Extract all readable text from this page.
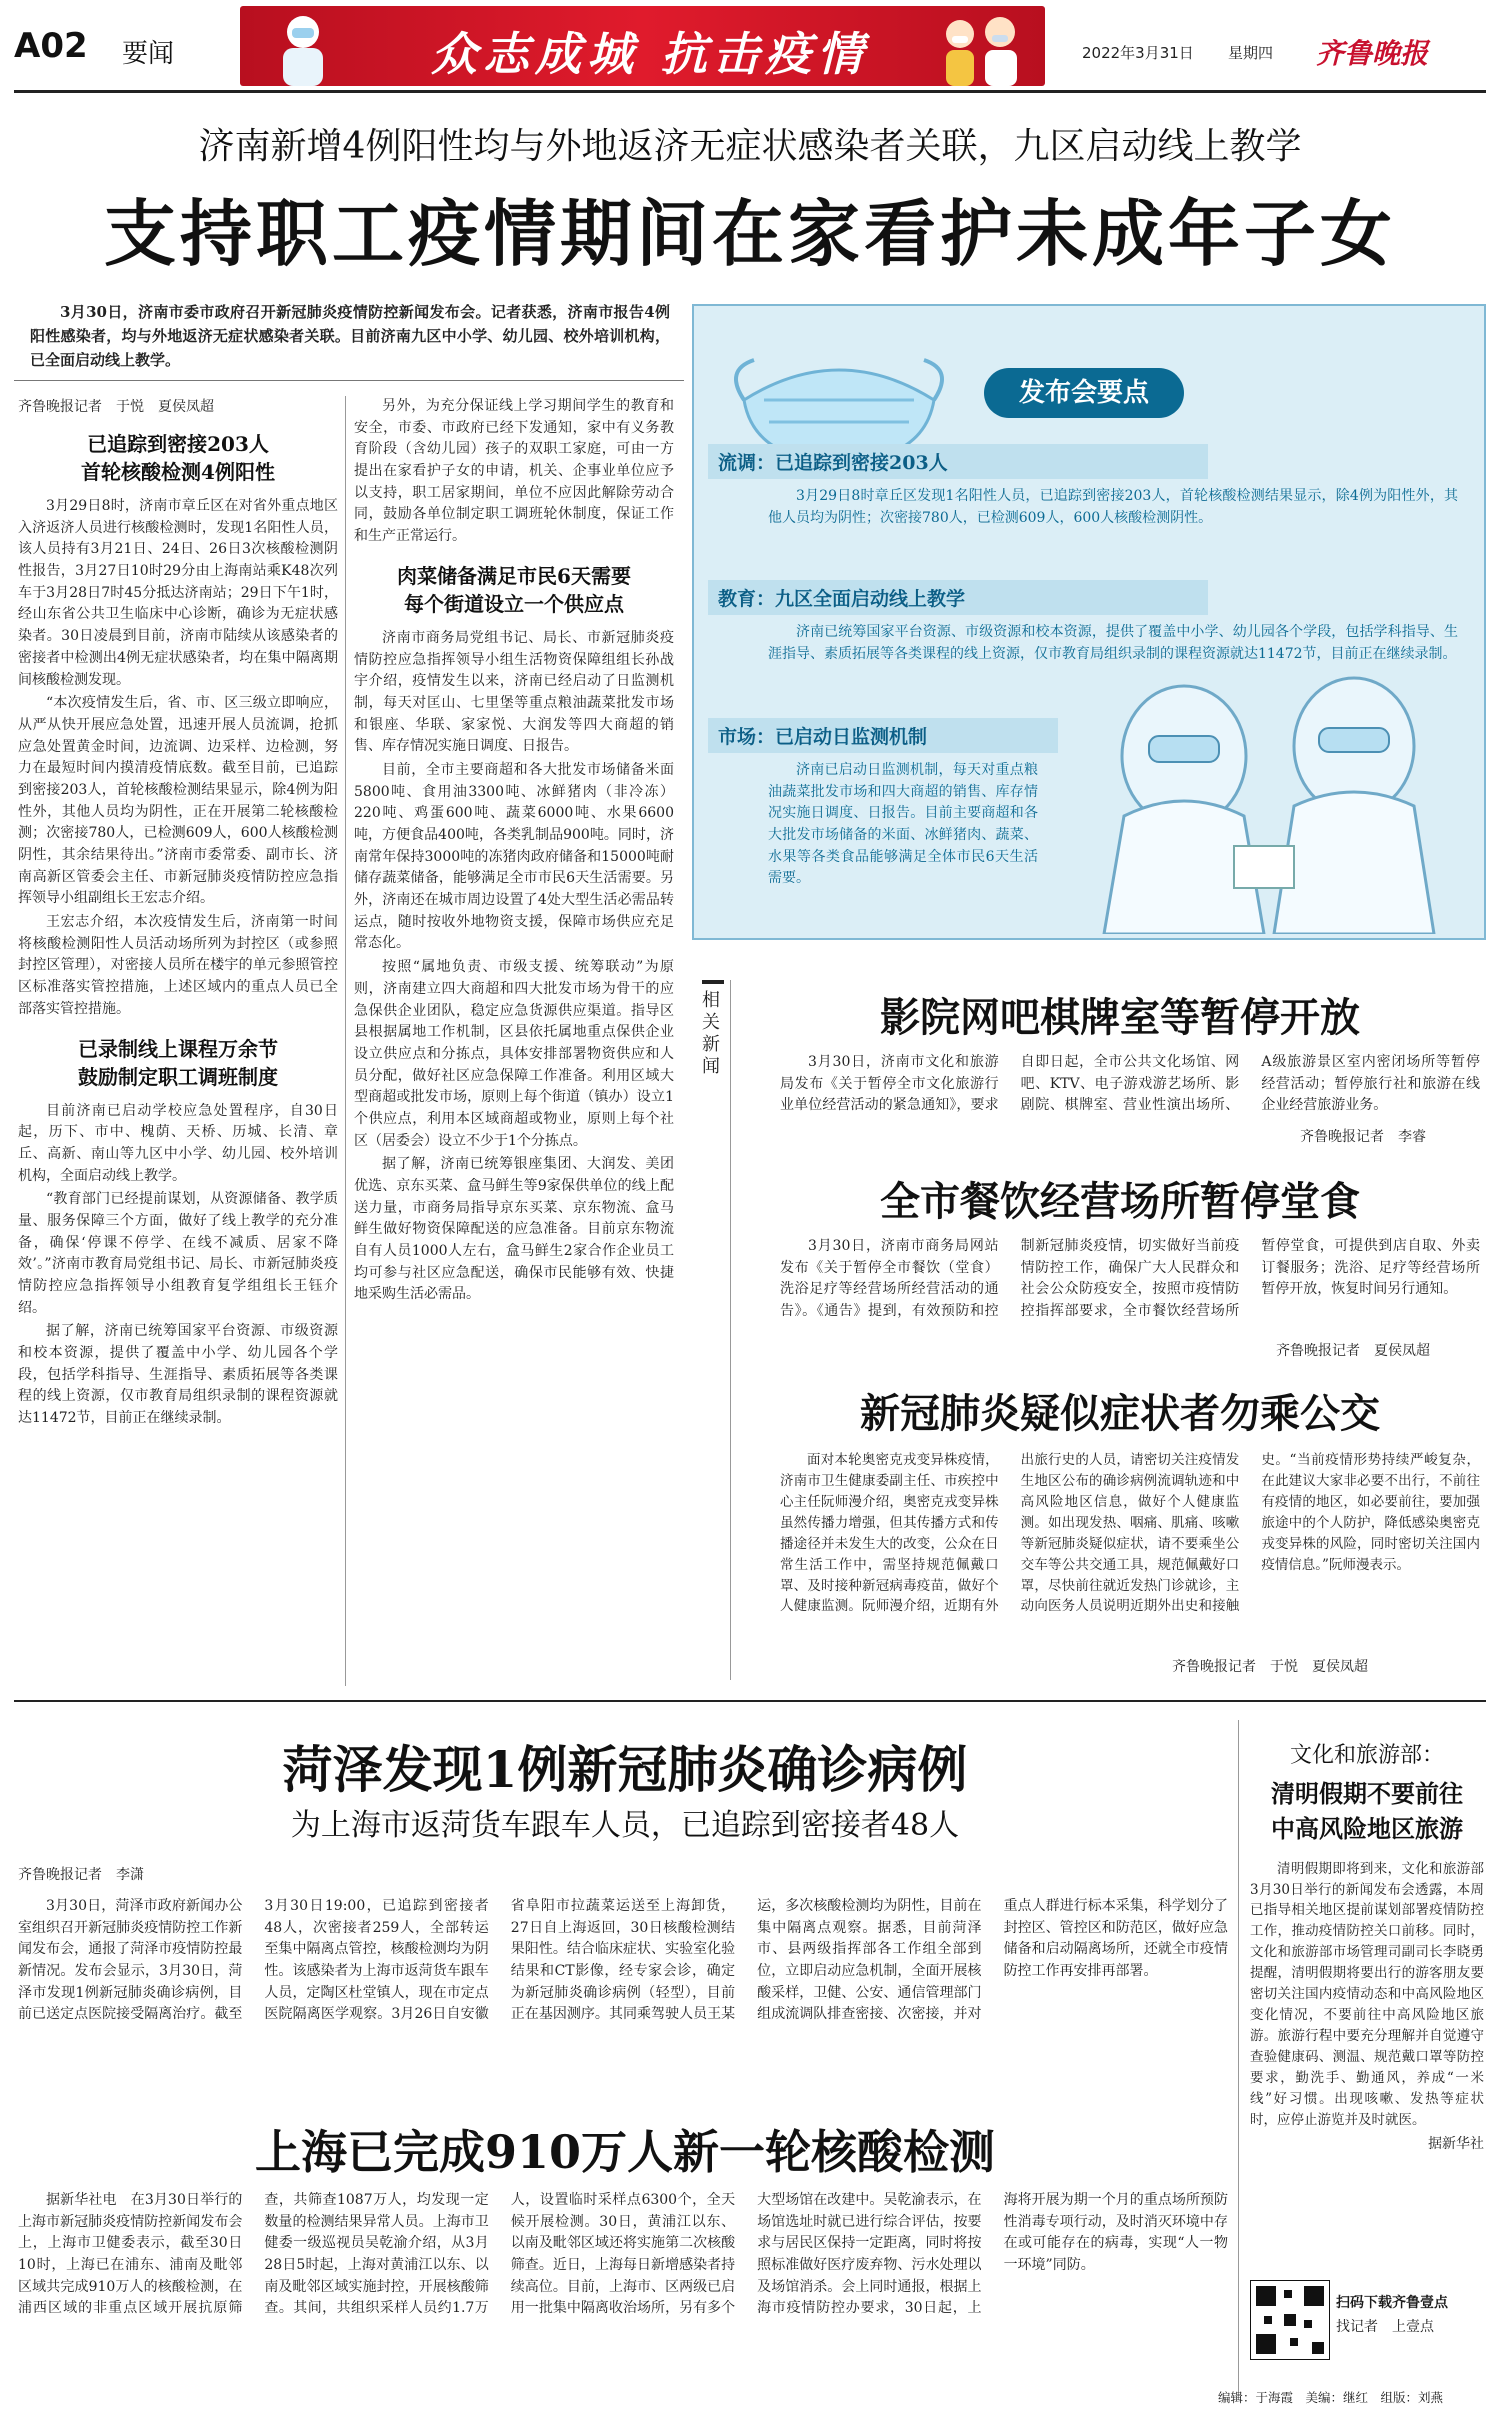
A02 要闻	众志成城 抗击疫情	2022年3月31日 星期四 齐鲁晚报
济南新增4例阳性均与外地返济无症状感染者关联，九区启动线上教学
支持职工疫情期间在家看护未成年子女
3月30日，济南市委市政府召开新冠肺炎疫情防控新闻发布会。记者获悉，济南市报告4例阳性感染者，均与外地返济无症状感染者关联。目前济南九区中小学、幼儿园、校外培训机构，已全面启动线上教学。
齐鲁晚报记者　于悦　夏侯凤超
已追踪到密接203人
首轮核酸检测4例阳性

3月29日8时，济南市章丘区在对省外重点地区入济返济人员进行核酸检测时，发现1名阳性人员，该人员持有3月21日、24日、26日3次核酸检测阴性报告，3月27日10时29分由上海南站乘K48次列车于3月28日7时45分抵达济南站；29日下午1时，经山东省公共卫生临床中心诊断，确诊为无症状感染者。30日凌晨到目前，济南市陆续从该感染者的密接者中检测出4例无症状感染者，均在集中隔离期间核酸检测发现。

“本次疫情发生后，省、市、区三级立即响应，从严从快开展应急处置，迅速开展人员流调，抢抓应急处置黄金时间，边流调、边采样、边检测，努力在最短时间内摸清疫情底数。截至目前，已追踪到密接203人，首轮核酸检测结果显示，除4例为阳性外，其他人员均为阴性，正在开展第二轮核酸检测；次密接780人，已检测609人，600人核酸检测阴性，其余结果待出。”济南市委常委、副市长、济南高新区管委会主任、市新冠肺炎疫情防控应急指挥领导小组副组长王宏志介绍。

王宏志介绍，本次疫情发生后，济南第一时间将核酸检测阳性人员活动场所列为封控区（或参照封控区管理），对密接人员所在楼宇的单元参照管控区标准落实管控措施，上述区域内的重点人员已全部落实管控措施。

已录制线上课程万余节
鼓励制定职工调班制度

目前济南已启动学校应急处置程序，自30日起，历下、市中、槐荫、天桥、历城、长清、章丘、高新、南山等九区中小学、幼儿园、校外培训机构，全面启动线上教学。

“教育部门已经提前谋划，从资源储备、教学质量、服务保障三个方面，做好了线上教学的充分准备，确保‘停课不停学、在线不减质、居家不降效’。”济南市教育局党组书记、局长、市新冠肺炎疫情防控应急指挥领导小组教育复学组组长王钰介绍。

据了解，济南已统筹国家平台资源、市级资源和校本资源，提供了覆盖中小学、幼儿园各个学段，包括学科指导、生涯指导、素质拓展等各类课程的线上资源，仅市教育局组织录制的课程资源就达11472节，目前正在继续录制。

另外，为充分保证线上学习期间学生的教育和安全，市委、市政府已经下发通知，家中有义务教育阶段（含幼儿园）孩子的双职工家庭，可由一方提出在家看护子女的申请，机关、企事业单位应予以支持，职工居家期间，单位不应因此解除劳动合同，鼓励各单位制定职工调班轮休制度，保证工作和生产正常运行。

肉菜储备满足市民6天需要
每个街道设立一个供应点

济南市商务局党组书记、局长、市新冠肺炎疫情防控应急指挥领导小组生活物资保障组组长孙战宇介绍，疫情发生以来，济南已经启动了日监测机制，每天对匡山、七里堡等重点粮油蔬菜批发市场和银座、华联、家家悦、大润发等四大商超的销售、库存情况实施日调度、日报告。

目前，全市主要商超和各大批发市场储备米面5800吨、食用油3300吨、冰鲜猪肉（非冷冻）220吨、鸡蛋600吨、蔬菜6000吨、水果6600吨，方便食品400吨，各类乳制品900吨。同时，济南常年保持3000吨的冻猪肉政府储备和15000吨耐储存蔬菜储备，能够满足全市市民6天生活需要。另外，济南还在城市周边设置了4处大型生活必需品转运点，随时按收外地物资支援，保障市场供应充足常态化。

按照“属地负责、市级支援、统筹联动”为原则，济南建立四大商超和四大批发市场为骨干的应急保供企业团队，稳定应急货源供应渠道。指导区县根据属地工作机制，区县依托属地重点保供企业设立供应点和分拣点，具体安排部署物资供应和人员分配，做好社区应急保障工作准备。利用区域大型商超或批发市场，原则上每个街道（镇办）设立1个供应点，利用本区域商超或物业，原则上每个社区（居委会）设立不少于1个分拣点。

据了解，济南已统筹银座集团、大润发、美团优选、京东买菜、盒马鲜生等9家保供单位的线上配送力量，市商务局指导京东买菜、京东物流、盒马鲜生做好物资保障配送的应急准备。目前京东物流自有人员1000人左右，盒马鲜生2家合作企业员工均可参与社区应急配送，确保市民能够有效、快捷地采购生活必需品。

发布会要点
流调：已追踪到密接203人
3月29日8时章丘区发现1名阳性人员，已追踪到密接203人，首轮核酸检测结果显示，除4例为阳性外，其他人员均为阴性；次密接780人，已检测609人，600人核酸检测阴性。
教育：九区全面启动线上教学
济南已统筹国家平台资源、市级资源和校本资源，提供了覆盖中小学、幼儿园各个学段，包括学科指导、生涯指导、素质拓展等各类课程的线上资源，仅市教育局组织录制的课程资源就达11472节，目前正在继续录制。
市场：已启动日监测机制
济南已启动日监测机制，每天对重点粮油蔬菜批发市场和四大商超的销售、库存情况实施日调度、日报告。目前主要商超和各大批发市场储备的米面、冰鲜猪肉、蔬菜、水果等各类食品能够满足全体市民6天生活需要。
相关新闻
影院网吧棋牌室等暂停开放
3月30日，济南市文化和旅游局发布《关于暂停全市文化旅游行业单位经营活动的紧急通知》，要求自即日起，全市公共文化场馆、网吧、KTV、电子游戏游艺场所、影剧院、棋牌室、营业性演出场所、A级旅游景区室内密闭场所等暂停经营活动；暂停旅行社和旅游在线企业经营旅游业务。
齐鲁晚报记者　李睿
全市餐饮经营场所暂停堂食
3月30日，济南市商务局网站发布《关于暂停全市餐饮（堂食）洗浴足疗等经营场所经营活动的通告》。《通告》提到，有效预防和控制新冠肺炎疫情，切实做好当前疫情防控工作，确保广大人民群众和社会公众防疫安全，按照市疫情防控指挥部要求，全市餐饮经营场所暂停堂食，可提供到店自取、外卖订餐服务；洗浴、足疗等经营场所暂停开放，恢复时间另行通知。
齐鲁晚报记者　夏侯凤超
新冠肺炎疑似症状者勿乘公交
面对本轮奥密克戎变异株疫情，济南市卫生健康委副主任、市疾控中心主任阮师漫介绍，奥密克戎变异株虽然传播力增强，但其传播方式和传播途径并未发生大的改变，公众在日常生活工作中，需坚持规范佩戴口罩、及时接种新冠病毒疫苗，做好个人健康监测。阮师漫介绍，近期有外出旅行史的人员，请密切关注疫情发生地区公布的确诊病例流调轨迹和中高风险地区信息，做好个人健康监测。如出现发热、咽痛、肌痛、咳嗽等新冠肺炎疑似症状，请不要乘坐公交车等公共交通工具，规范佩戴好口罩，尽快前往就近发热门诊就诊，主动向医务人员说明近期外出史和接触史。“当前疫情形势持续严峻复杂，在此建议大家非必要不出行，不前往有疫情的地区，如必要前往，要加强旅途中的个人防护，降低感染奥密克戎变异株的风险，同时密切关注国内疫情信息。”阮师漫表示。
齐鲁晚报记者　于悦　夏侯凤超
菏泽发现1例新冠肺炎确诊病例
为上海市返菏货车跟车人员，已追踪到密接者48人
齐鲁晚报记者　李潇
3月30日，菏泽市政府新闻办公室组织召开新冠肺炎疫情防控工作新闻发布会，通报了菏泽市疫情防控最新情况。发布会显示，3月30日，菏泽市发现1例新冠肺炎确诊病例，目前已送定点医院接受隔离治疗。截至3月30日19:00，已追踪到密接者48人，次密接者259人，全部转运至集中隔离点管控，核酸检测均为阴性。该感染者为上海市返菏货车跟车人员，定陶区杜堂镇人，现在市定点医院隔离医学观察。3月26日自安徽省阜阳市拉蔬菜运送至上海卸货，27日自上海返回，30日核酸检测结果阳性。结合临床症状、实验室化验结果和CT影像，经专家会诊，确定为新冠肺炎确诊病例（轻型），目前正在基因测序。其同乘驾驶人员王某运，多次核酸检测均为阴性，目前在集中隔离点观察。据悉，目前菏泽市、县两级指挥部各工作组全部到位，立即启动应急机制，全面开展核酸采样，卫健、公安、通信管理部门组成流调队排查密接、次密接，并对重点人群进行标本采集，科学划分了封控区、管控区和防范区，做好应急储备和启动隔离场所，还就全市疫情防控工作再安排再部署。
上海已完成910万人新一轮核酸检测
据新华社电　在3月30日举行的上海市新冠肺炎疫情防控新闻发布会上，上海市卫健委表示，截至30日10时，上海已在浦东、浦南及毗邻区域共完成910万人的核酸检测，在浦西区域的非重点区域开展抗原筛查，共筛查1087万人，均发现一定数量的检测结果异常人员。上海市卫健委一级巡视员吴乾渝介绍，从3月28日5时起，上海对黄浦江以东、以南及毗邻区域实施封控，开展核酸筛查。其间，共组织采样人员约1.7万人，设置临时采样点6300个，全天候开展检测。30日，黄浦江以东、以南及毗邻区域还将实施第二次核酸筛查。近日，上海每日新增感染者持续高位。目前，上海市、区两级已启用一批集中隔离收治场所，另有多个大型场馆在改建中。吴乾渝表示，在场馆选址时就已进行综合评估，按要求与居民区保持一定距离，同时将按照标准做好医疗废弃物、污水处理以及场馆消杀。会上同时通报，根据上海市疫情防控办要求，30日起，上海将开展为期一个月的重点场所预防性消毒专项行动，及时消灭环境中存在或可能存在的病毒，实现“人一物一环境”同防。
文化和旅游部：
清明假期不要前往
中高风险地区旅游
清明假期即将到来，文化和旅游部3月30日举行的新闻发布会透露，本周已指导相关地区提前谋划部署疫情防控工作，推动疫情防控关口前移。同时，文化和旅游部市场管理司副司长李晓勇提醒，清明假期将要出行的游客朋友要密切关注国内疫情动态和中高风险地区变化情况，不要前往中高风险地区旅游。旅游行程中要充分理解并自觉遵守查验健康码、测温、规范戴口罩等防控要求，勤洗手、勤通风，养成“一米线”好习惯。出现咳嗽、发热等症状时，应停止游览并及时就医。
据新华社
扫码下载齐鲁壹点
找记者　上壹点
编辑：于海霞　美编：继红　组版：刘燕
